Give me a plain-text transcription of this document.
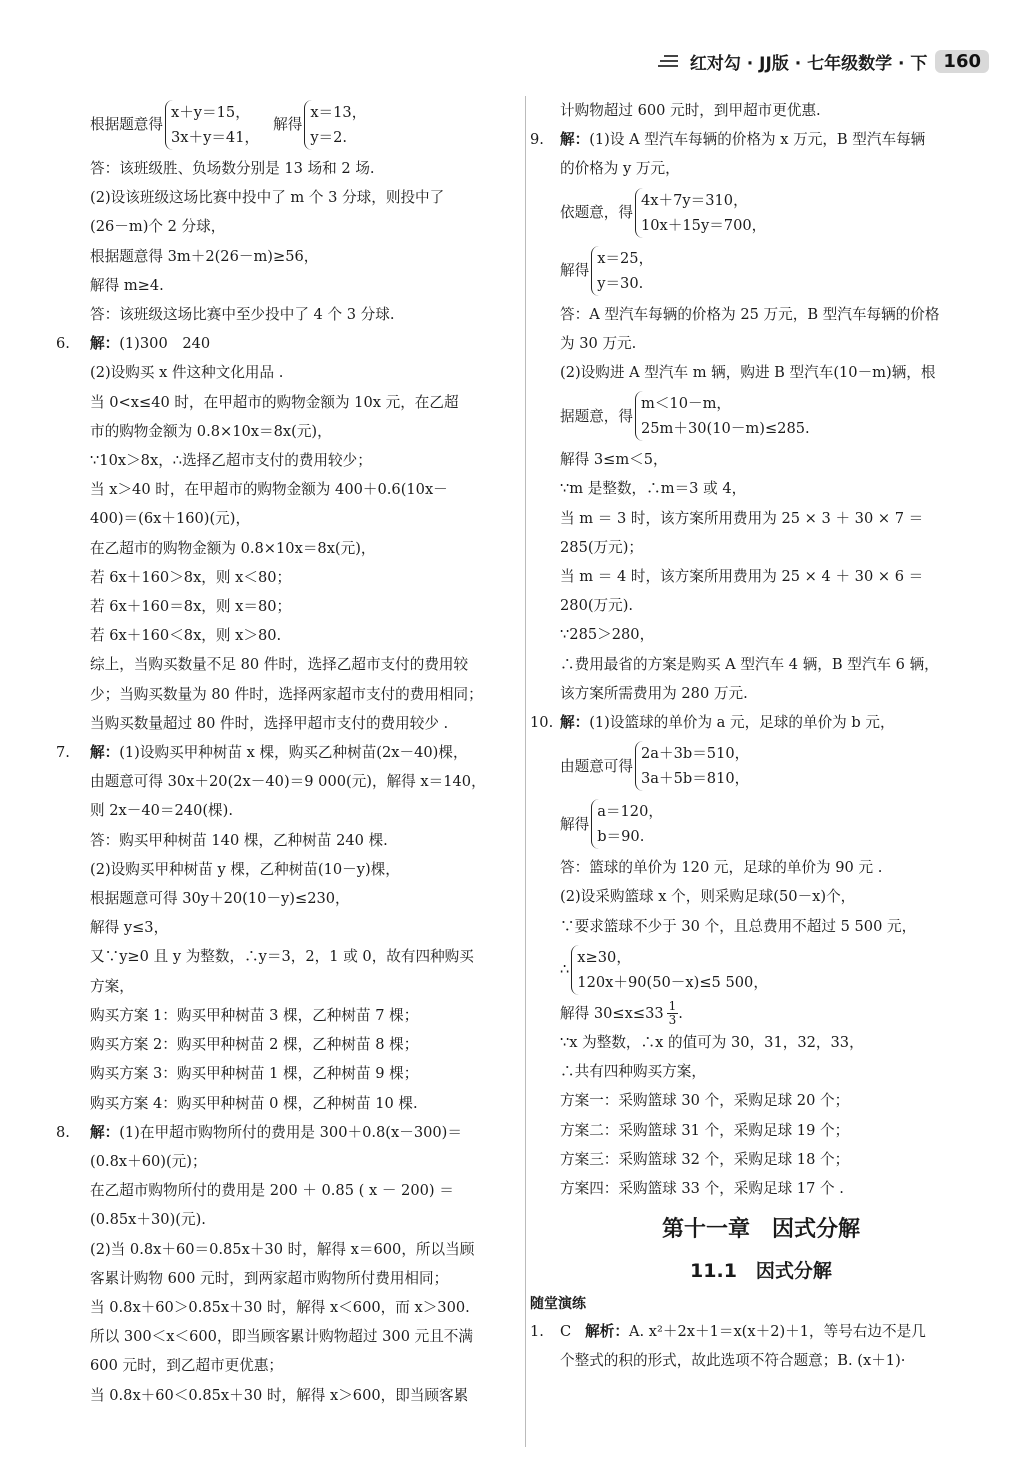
红对勾 · JJ版 · 七年级数学 · 下 160
根据题意得
x＋y＝15，
3x＋y＝41，
解得
x＝13，
y＝2.
答：该班级胜、负场数分别是 13 场和 2 场.
(2)设该班级这场比赛中投中了 m 个 3 分球，则投中了
(26－m)个 2 分球，
根据题意得 3m＋2(26－m)≥56，
解得 m≥4.
答：该班级这场比赛中至少投中了 4 个 3 分球.
6. 解：(1)300　240
(2)设购买 x 件这种文化用品 .
当 0<x≤40 时，在甲超市的购物金额为 10x 元，在乙超
市的购物金额为 0.8×10x＝8x(元)，
∵10x＞8x，∴选择乙超市支付的费用较少；
当 x＞40 时，在甲超市的购物金额为 400＋0.6(10x－
400)＝(6x＋160)(元)，
在乙超市的购物金额为 0.8×10x＝8x(元)，
若 6x＋160＞8x，则 x＜80；
若 6x＋160＝8x，则 x＝80；
若 6x＋160＜8x，则 x＞80.
综上，当购买数量不足 80 件时，选择乙超市支付的费用较
少；当购买数量为 80 件时，选择两家超市支付的费用相同；
当购买数量超过 80 件时，选择甲超市支付的费用较少 .
7. 解：(1)设购买甲种树苗 x 棵，购买乙种树苗(2x－40)棵，
由题意可得 30x＋20(2x－40)＝9 000(元)，解得 x＝140，
则 2x－40＝240(棵).
答：购买甲种树苗 140 棵，乙种树苗 240 棵.
(2)设购买甲种树苗 y 棵，乙种树苗(10－y)棵，
根据题意可得 30y＋20(10－y)≤230，
解得 y≤3，
又∵y≥0 且 y 为整数，∴y＝3，2，1 或 0，故有四种购买
方案，
购买方案 1：购买甲种树苗 3 棵，乙种树苗 7 棵；
购买方案 2：购买甲种树苗 2 棵，乙种树苗 8 棵；
购买方案 3：购买甲种树苗 1 棵，乙种树苗 9 棵；
购买方案 4：购买甲种树苗 0 棵，乙种树苗 10 棵.
8. 解：(1)在甲超市购物所付的费用是 300＋0.8(x－300)＝
(0.8x＋60)(元)；
在乙超市购物所付的费用是 200 ＋ 0.85 ( x － 200) ＝
(0.85x＋30)(元).
(2)当 0.8x＋60＝0.85x＋30 时，解得 x＝600，所以当顾
客累计购物 600 元时，到两家超市购物所付费用相同；
当 0.8x＋60＞0.85x＋30 时，解得 x＜600，而 x＞300.
所以 300＜x＜600，即当顾客累计购物超过 300 元且不满
600 元时，到乙超市更优惠；
当 0.8x＋60＜0.85x＋30 时，解得 x＞600，即当顾客累
计购物超过 600 元时，到甲超市更优惠.
9. 解：(1)设 A 型汽车每辆的价格为 x 万元，B 型汽车每辆
的价格为 y 万元，
依题意，得
4x＋7y＝310，
10x＋15y＝700，
解得
x＝25，
y＝30.
答：A 型汽车每辆的价格为 25 万元，B 型汽车每辆的价格
为 30 万元.
(2)设购进 A 型汽车 m 辆，购进 B 型汽车(10－m)辆，根
据题意，得
m＜10－m，
25m＋30(10－m)≤285.
解得 3≤m＜5，
∵m 是整数，∴m＝3 或 4，
当 m ＝ 3 时，该方案所用费用为 25 × 3 ＋ 30 × 7 ＝
285(万元)；
当 m ＝ 4 时，该方案所用费用为 25 × 4 ＋ 30 × 6 ＝
280(万元).
∵285＞280，
∴费用最省的方案是购买 A 型汽车 4 辆，B 型汽车 6 辆，
该方案所需费用为 280 万元.
10. 解：(1)设篮球的单价为 a 元，足球的单价为 b 元，
由题意可得
2a＋3b＝510，
3a＋5b＝810，
解得
a＝120，
b＝90.
答：篮球的单价为 120 元，足球的单价为 90 元 .
(2)设采购篮球 x 个，则采购足球(50－x)个，
∵要求篮球不少于 30 个，且总费用不超过 5 500 元，
∴
x≥30，
120x＋90(50－x)≤5 500，
解得 $30\le x\le 33 \frac{1}{3}$ .
∵x 为整数，∴x 的值可为 30，31，32，33，
∴共有四种购买方案，
方案一：采购篮球 30 个，采购足球 20 个；
方案二：采购篮球 31 个，采购足球 19 个；
方案三：采购篮球 32 个，采购足球 18 个；
方案四：采购篮球 33 个，采购足球 17 个 .
第十一章　因式分解
11.1　因式分解
随堂演练
1. C 解析：A. x²＋2x＋1＝x(x＋2)＋1，等号右边不是几
个整式的积的形式，故此选项不符合题意；B. (x＋1)·
